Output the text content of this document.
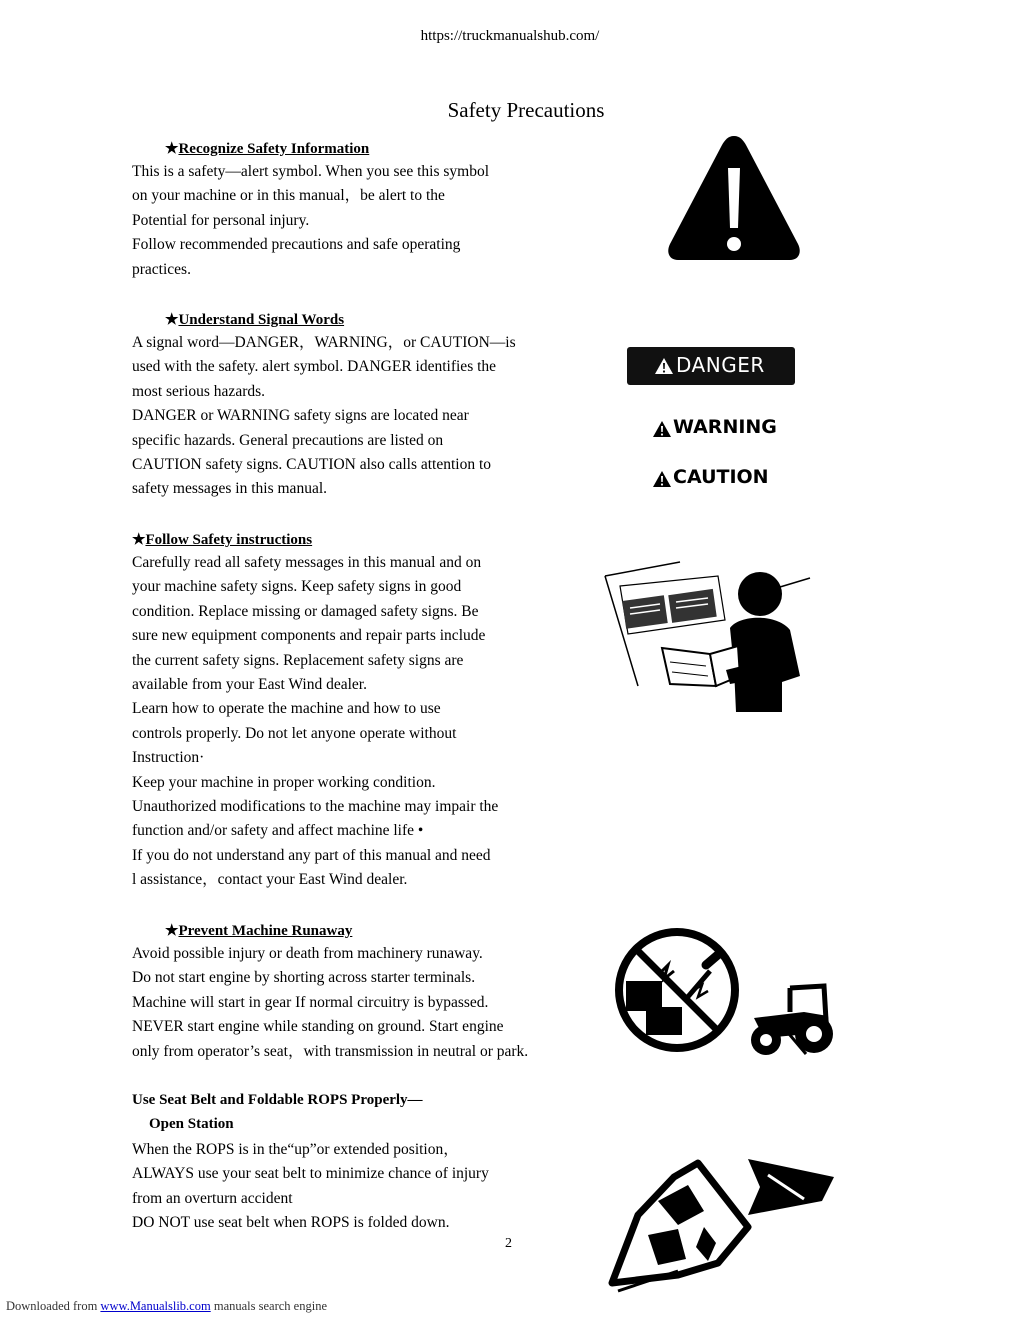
https://truckmanualshub.com/
Safety Precautions
★Recognize Safety Information
This is a safety—alert symbol. When you see this symbol
on your machine or in this manual，be alert to the
Potential for personal injury.
Follow recommended precautions and safe operating
practices.
★Understand Signal Words
A signal word—DANGER，WARNING，or CAUTION—is
used with the safety. alert symbol. DANGER identifies the
most serious hazards.
DANGER or WARNING safety signs are located near
specific hazards. General precautions are listed on
CAUTION safety signs. CAUTION also calls attention to
safety messages in this manual.
★Follow Safety instructions
Carefully read all safety messages in this manual and on
your machine safety signs. Keep safety signs in good
condition. Replace missing or damaged safety signs. Be
sure new equipment components and repair parts include
the current safety signs. Replacement safety signs are
available from your East Wind dealer.
Learn how to operate the machine and how to use
controls properly. Do not let anyone operate without
Instruction·
Keep your machine in proper working condition.
Unauthorized modifications to the machine may impair the
function and/or safety and affect machine life •
If you do not understand any part of this manual and need
l assistance，contact your East Wind dealer.
★Prevent Machine Runaway
Avoid possible injury or death from machinery runaway.
Do not start engine by shorting across starter terminals.
Machine will start in gear If normal circuitry is bypassed.
NEVER start engine while standing on ground. Start engine
only from operator’s seat，with transmission in neutral or park.
Use Seat Belt and Foldable ROPS Properly—
Open Station
When the ROPS is in the“up”or extended position，
ALWAYS use your seat belt to minimize chance of injury
from an overturn accident
DO NOT use seat belt when ROPS is folded down.
DANGER
WARNING
CAUTION
2
Downloaded from www.Manualslib.com manuals search engine
